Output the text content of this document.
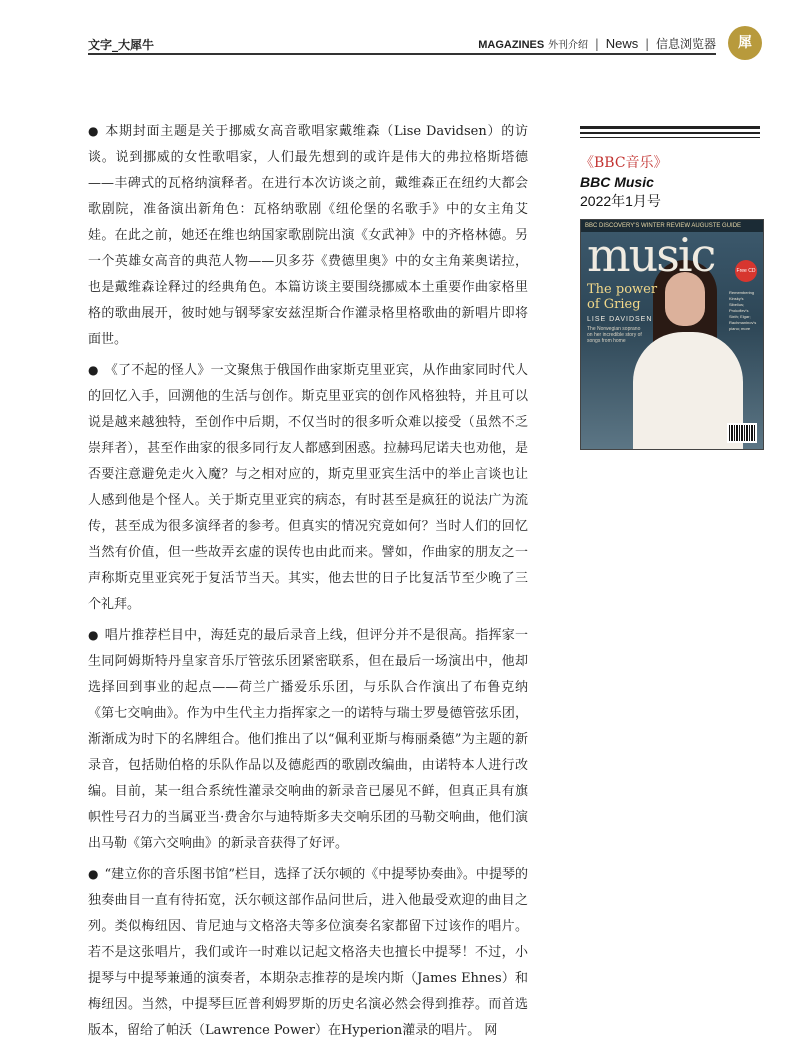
文字_大犀牛	MAGAZINES 外刊介绍 | News | 信息浏览器	犀

● 本期封面主题是关于挪威女高音歌唱家戴维森（Lise Davidsen）的访谈。说到挪威的女性歌唱家，人们最先想到的或许是伟大的弗拉格斯塔德——丰碑式的瓦格纳演释者。在进行本次访谈之前，戴维森正在纽约大都会歌剧院，准备演出新角色：瓦格纳歌剧《纽伦堡的名歌手》中的女主角艾娃。在此之前，她还在维也纳国家歌剧院出演《女武神》中的齐格林德。另一个英雄女高音的典范人物——贝多芬《费德里奥》中的女主角莱奥诺拉，也是戴维森诠释过的经典角色。本篇访谈主要围绕挪威本土重要作曲家格里格的歌曲展开，彼时她与钢琴家安兹涅斯合作灌录格里格歌曲的新唱片即将面世。

● 《了不起的怪人》一文聚焦于俄国作曲家斯克里亚宾，从作曲家同时代人的回忆入手，回溯他的生活与创作。斯克里亚宾的创作风格独特，并且可以说是越来越独特，至创作中后期，不仅当时的很多听众难以接受（虽然不乏崇拜者），甚至作曲家的很多同行友人都感到困惑。拉赫玛尼诺夫也劝他，是否要注意避免走火入魔？与之相对应的，斯克里亚宾生活中的举止言谈也让人感到他是个怪人。关于斯克里亚宾的病态，有时甚至是疯狂的说法广为流传，甚至成为很多演绎者的参考。但真实的情况究竟如何？当时人们的回忆当然有价值，但一些故弄玄虚的误传也由此而来。譬如，作曲家的朋友之一声称斯克里亚宾死于复活节当天。其实，他去世的日子比复活节至少晚了三个礼拜。

● 唱片推荐栏目中，海廷克的最后录音上线，但评分并不是很高。指挥家一生同阿姆斯特丹皇家音乐厅管弦乐团紧密联系，但在最后一场演出中，他却选择回到事业的起点——荷兰广播爱乐乐团，与乐队合作演出了布鲁克纳《第七交响曲》。作为中生代主力指挥家之一的诺特与瑞士罗曼德管弦乐团，渐渐成为时下的名牌组合。他们推出了以“佩利亚斯与梅丽桑德”为主题的新录音，包括勋伯格的乐队作品以及德彪西的歌剧改编曲，由诺特本人进行改编。目前，某一组合系统性灌录交响曲的新录音已屡见不鲜，但真正具有旗帜性号召力的当属亚当·费舍尔与迪特斯多夫交响乐团的马勒交响曲，他们演出马勒《第六交响曲》的新录音获得了好评。

● “建立你的音乐图书馆”栏目，选择了沃尔顿的《中提琴协奏曲》。中提琴的独奏曲目一直有待拓宽，沃尔顿这部作品问世后，进入他最受欢迎的曲目之列。类似梅纽因、肯尼迪与文格洛夫等多位演奏名家都留下过该作的唱片。若不是这张唱片，我们或许一时难以记起文格洛夫也擅长中提琴！不过，小提琴与中提琴兼通的演奏者，本期杂志推荐的是埃内斯（James Ehnes）和梅纽因。当然，中提琴巨匠普利姆罗斯的历史名演必然会得到推荐。而首选版本，留给了帕沃（Lawrence Power）在Hyperion灌录的唱片。 网

《BBC音乐》
BBC Music
2022年1月号
BBC DISCOVERY'S WINTER REVIEW AUGUSTE GUIDE
music
The power
of Grieg
LISE DAVIDSEN
The Norwegian soprano on her incredible story of songs from home
Free CD
Remembering Kinsky's Sibelius; Prokofiev's Sixth; Elgar; Rachmaninov's piano; more
